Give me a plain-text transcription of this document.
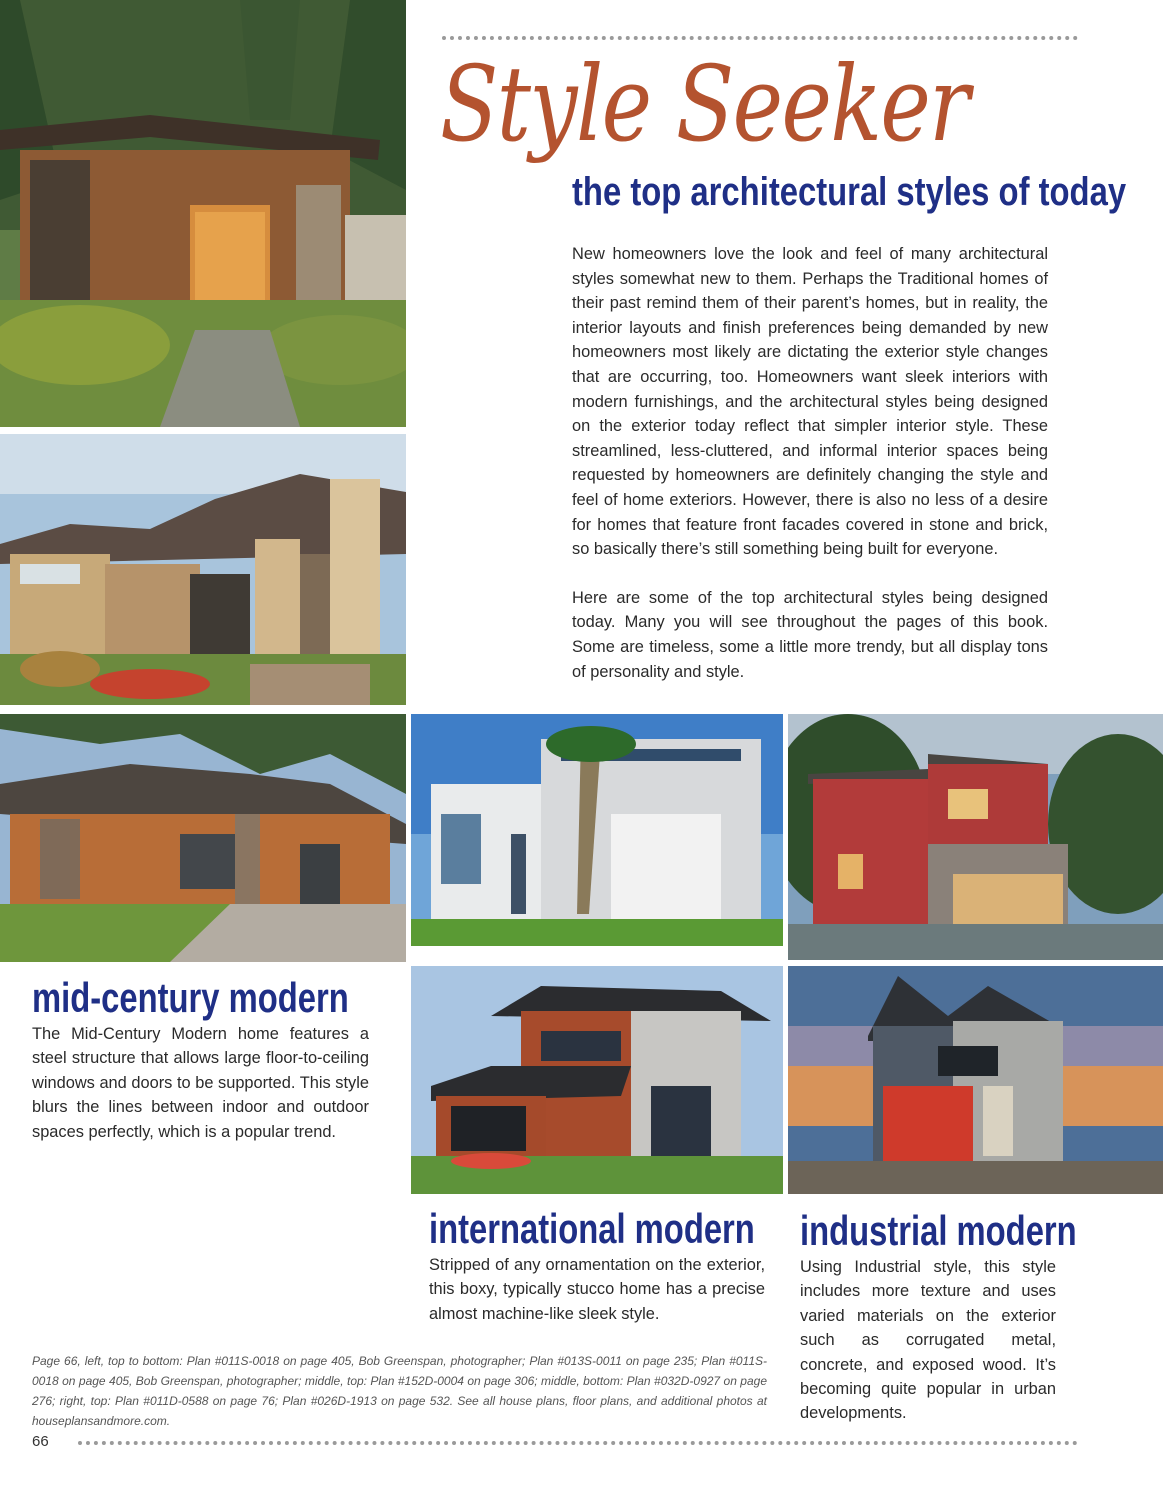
Style Seeker
the top architectural styles of today

New homeowners love the look and feel of many architectural styles somewhat new to them. Perhaps the Traditional homes of their past remind them of their parent’s homes, but in reality, the interior layouts and finish preferences being demanded by new homeowners most likely are dictating the exterior style changes that are occurring, too. Homeowners want sleek interiors with modern furnishings, and the architectural styles being designed on the exterior today reflect that simpler interior style. These streamlined, less-cluttered, and informal interior spaces being requested by homeowners are definitely changing the style and feel of home exteriors. However, there is also no less of a desire for homes that feature front facades covered in stone and brick, so basically there’s still something being built for everyone.

Here are some of the top architectural styles being designed today. Many you will see throughout the pages of this book. Some are timeless, some a little more trendy, but all display tons of personality and style.

mid-century modern

The Mid-Century Modern home features a steel structure that allows large floor-to-ceiling windows and doors to be supported. This style blurs the lines between indoor and outdoor spaces perfectly, which is a popular trend.

international modern

Stripped of any ornamentation on the exterior, this boxy, typically stucco home has a precise almost machine-like sleek style.

industrial modern

Using Industrial style, this style includes more texture and uses varied materials on the exterior such as corrugated metal, concrete, and exposed wood. It’s becoming quite popular in urban developments.

Page 66, left, top to bottom: Plan #011S-0018 on page 405, Bob Greenspan, photographer; Plan #013S-0011 on page 235; Plan #011S-0018 on page 405, Bob Greenspan, photographer; middle, top: Plan #152D-0004 on page 306; middle, bottom: Plan #032D-0927 on page 276; right, top: Plan #011D-0588 on page 76; Plan #026D-1913 on page 532. See all house plans, floor plans, and additional photos at houseplansandmore.com.

66
